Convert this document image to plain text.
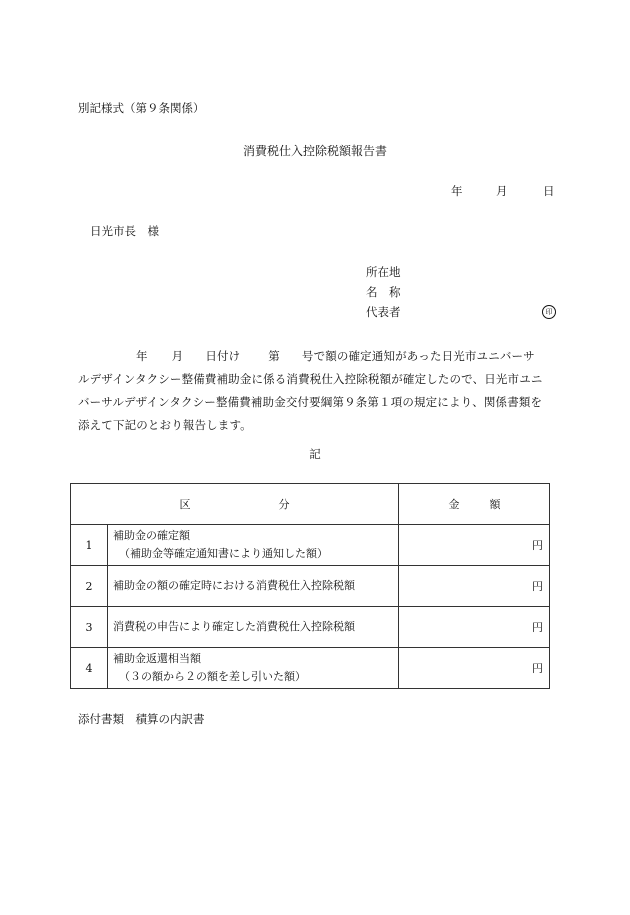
別記様式（第９条関係）
消費税仕入控除税額報告書
年	月	日
日光市長　様
所在地
名　称
代表者	印
年 月 日付け 第 号で額の確定通知があった日光市ユニバーサ
ルデザインタクシー整備費補助金に係る消費税仕入控除税額が確定したので、日光市ユニ
バーサルデザインタクシー整備費補助金交付要綱第９条第１項の規定により、関係書類を
添えて下記のとおり報告します。
記
区 分		金 額
1	補助金の確定額
（補助金等確定通知書により通知した額）	円
2	補助金の額の確定時における消費税仕入控除税額	円
3	消費税の申告により確定した消費税仕入控除税額	円
4	補助金返還相当額
（３の額から２の額を差し引いた額）	円
添付書類　積算の内訳書
